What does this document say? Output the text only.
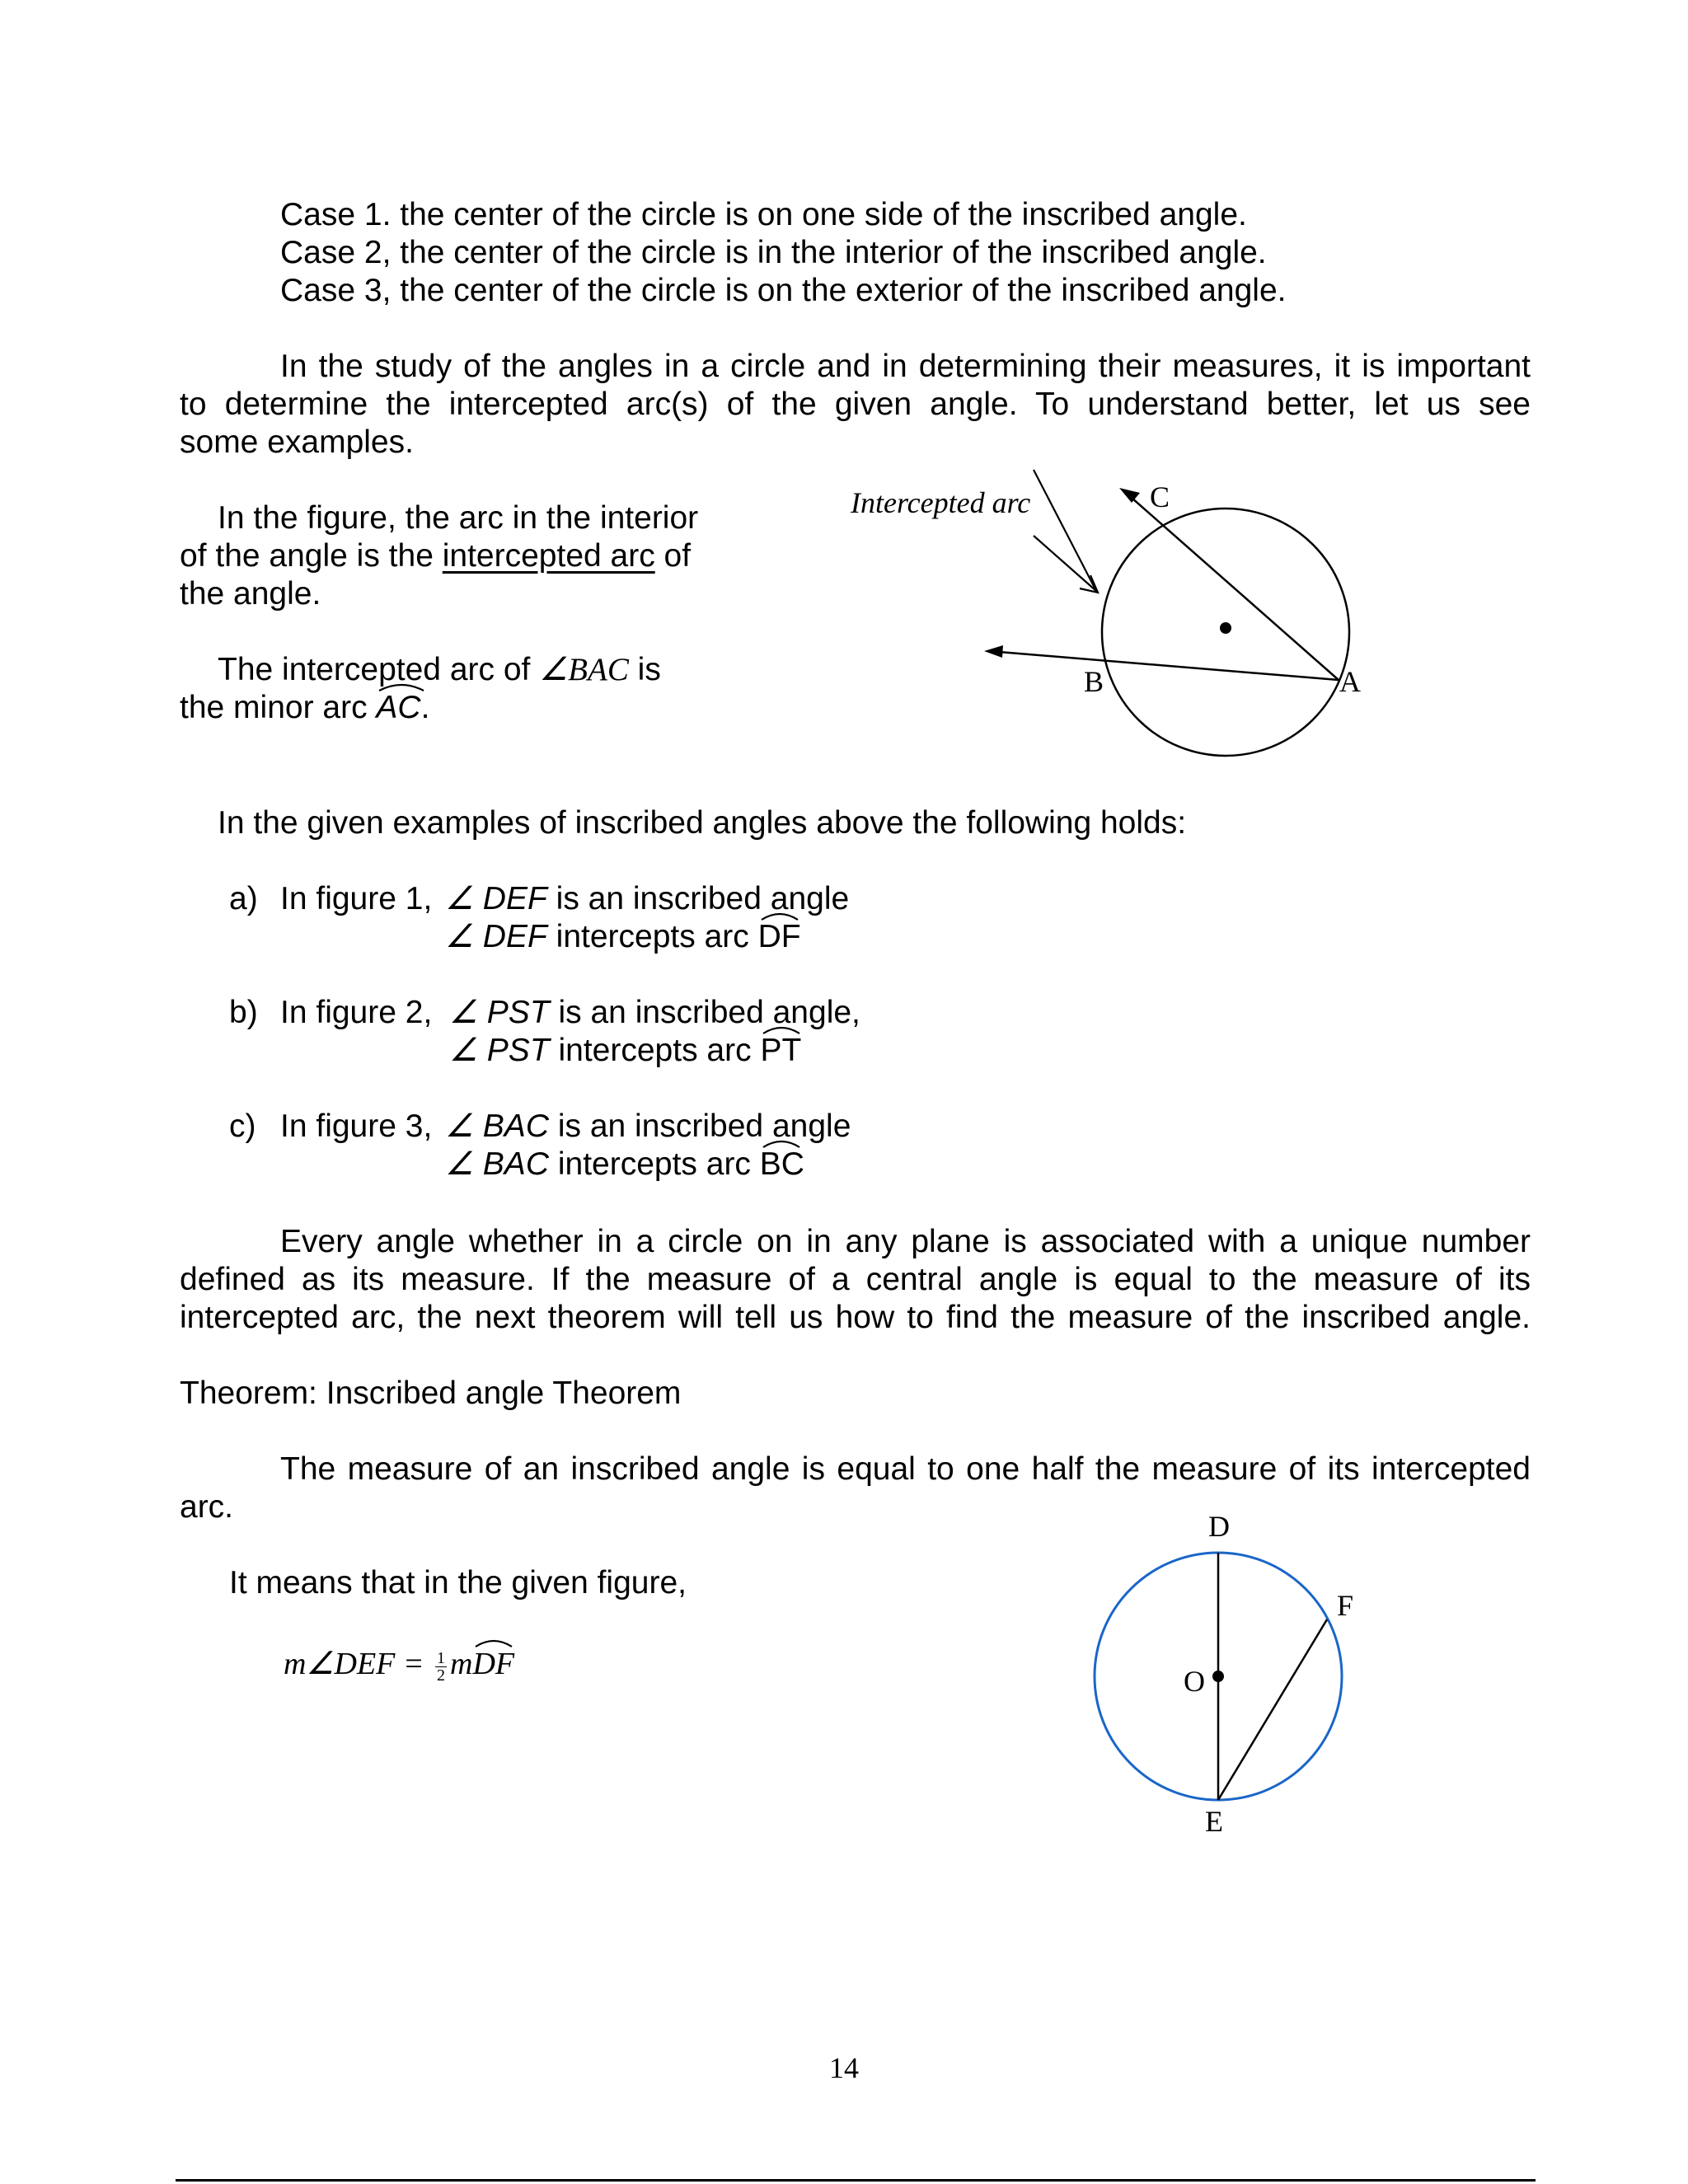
Case 1. the center of the circle is on one side of the inscribed angle.
Case 2, the center of the circle is in the interior of the inscribed angle.
Case 3, the center of the circle is on the exterior of the inscribed angle.
In the study of the angles in a circle and in determining their measures, it is important
to determine the intercepted arc(s) of the given angle. To understand better, let us see
some examples.
In the figure, the arc in the interior
of the angle is the intercepted arc of
the angle.
The intercepted arc of ∠BAC is
the minor arc
AC.
Intercepted arc	C
B	A
In the given examples of inscribed angles above the following holds:
a) In figure 1, ∠ DEF is an inscribed angle
∠ DEF intercepts arc
DF
b) In figure 2, ∠ PST is an inscribed angle,
∠ PST intercepts arc
PT
c) In figure 3, ∠ BAC is an inscribed angle
∠ BAC intercepts arc
BC
Every angle whether in a circle on in any plane is associated with a unique number
defined as its measure. If the measure of a central angle is equal to the measure of its
intercepted arc, the next theorem will tell us how to find the measure of the inscribed angle.
Theorem: Inscribed angle Theorem
The measure of an inscribed angle is equal to one half the measure of its intercepted
arc.
It means that in the given figure,
m∠DEF = $\frac{1}{2}$ m
DF
D
F
O
E
14
